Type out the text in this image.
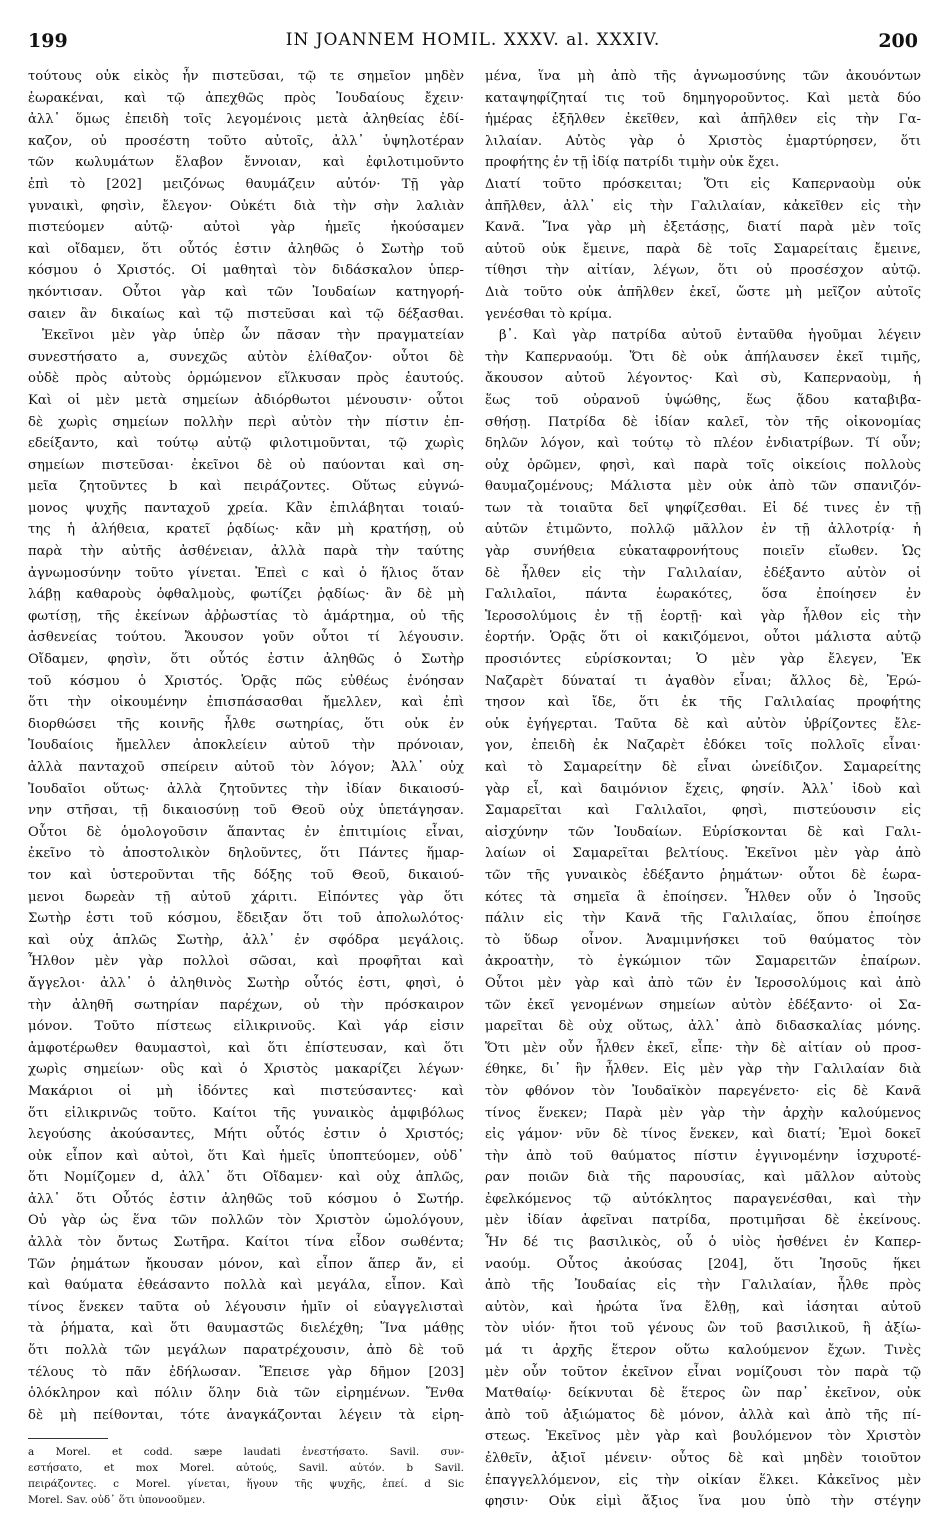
199	IN JOANNEM HOMIL. XXXV. al. XXXIV.	200
τούτους οὐκ εἰκὸς ἦν πιστεῦσαι, τῷ τε σημεῖον μηδὲν
ἑωρακέναι, καὶ τῷ ἀπεχθῶς πρὸς Ἰουδαίους ἔχειν·
ἀλλ᾽ ὅμως ἐπειδὴ τοῖς λεγομένοις μετὰ ἀληθείας ἐδί-
καζον, οὐ προσέστη τοῦτο αὐτοῖς, ἀλλ᾽ ὑψηλοτέραν
τῶν κωλυμάτων ἔλαβον ἔννοιαν, καὶ ἐφιλοτιμοῦντο
ἐπὶ τὸ [202] μειζόνως θαυμάζειν αὐτόν· Τῇ γὰρ
γυναικὶ, φησὶν, ἔλεγον· Οὐκέτι διὰ τὴν σὴν λαλιὰν
πιστεύομεν αὐτῷ· αὐτοὶ γὰρ ἡμεῖς ἠκούσαμεν
καὶ οἴδαμεν, ὅτι οὗτός ἐστιν ἀληθῶς ὁ Σωτὴρ τοῦ
κόσμου ὁ Χριστός. Οἱ μαθηταὶ τὸν διδάσκαλον ὑπερ-
ηκόντισαν. Οὗτοι γὰρ καὶ τῶν Ἰουδαίων κατηγορή-
σαιεν ἂν δικαίως καὶ τῷ πιστεῦσαι καὶ τῷ δέξασθαι.
Ἐκεῖνοι μὲν γὰρ ὑπὲρ ὧν πᾶσαν τὴν πραγματείαν
συνεστήσατο a, συνεχῶς αὐτὸν ἐλίθαζον· οὗτοι δὲ
οὐδὲ πρὸς αὐτοὺς ὁρμώμενον εἵλκυσαν πρὸς ἑαυτούς.
Καὶ οἱ μὲν μετὰ σημείων ἀδιόρθωτοι μένουσιν· οὗτοι
δὲ χωρὶς σημείων πολλὴν περὶ αὐτὸν τὴν πίστιν ἐπ-
εδείξαντο, καὶ τούτῳ αὐτῷ φιλοτιμοῦνται, τῷ χωρὶς
σημείων πιστεῦσαι· ἐκεῖνοι δὲ οὐ παύονται καὶ ση-
μεῖα ζητοῦντες b καὶ πειράζοντες. Οὕτως εὐγνώ-
μονος ψυχῆς πανταχοῦ χρεία. Κἂν ἐπιλάβηται τοιαύ-
της ἡ ἀλήθεια, κρατεῖ ῥᾳδίως· κἂν μὴ κρατήσῃ, οὐ
παρὰ τὴν αὐτῆς ἀσθένειαν, ἀλλὰ παρὰ τὴν ταύτης
ἀγνωμοσύνην τοῦτο γίνεται. Ἐπεὶ c καὶ ὁ ἥλιος ὅταν
λάβῃ καθαροὺς ὀφθαλμοὺς, φωτίζει ῥᾳδίως· ἂν δὲ μὴ
φωτίσῃ, τῆς ἐκείνων ἀῤῥωστίας τὸ ἁμάρτημα, οὐ τῆς
ἀσθενείας τούτου. Ἄκουσον γοῦν οὗτοι τί λέγουσιν.
Οἴδαμεν, φησὶν, ὅτι οὗτός ἐστιν ἀληθῶς ὁ Σωτὴρ
τοῦ κόσμου ὁ Χριστός. Ὁρᾷς πῶς εὐθέως ἐνόησαν
ὅτι τὴν οἰκουμένην ἐπισπάσασθαι ἤμελλεν, καὶ ἐπὶ
διορθώσει τῆς κοινῆς ἦλθε σωτηρίας, ὅτι οὐκ ἐν
Ἰουδαίοις ἤμελλεν ἀποκλείειν αὐτοῦ τὴν πρόνοιαν,
ἀλλὰ πανταχοῦ σπείρειν αὐτοῦ τὸν λόγον; Ἀλλ᾽ οὐχ
Ἰουδαῖοι οὕτως· ἀλλὰ ζητοῦντες τὴν ἰδίαν δικαιοσύ-
νην στῆσαι, τῇ δικαιοσύνῃ τοῦ Θεοῦ οὐχ ὑπετάγησαν.
Οὗτοι δὲ ὁμολογοῦσιν ἅπαντας ἐν ἐπιτιμίοις εἶναι,
ἐκεῖνο τὸ ἀποστολικὸν δηλοῦντες, ὅτι Πάντες ἥμαρ-
τον καὶ ὑστεροῦνται τῆς δόξης τοῦ Θεοῦ, δικαιού-
μενοι δωρεὰν τῇ αὐτοῦ χάριτι. Εἰπόντες γὰρ ὅτι
Σωτὴρ ἐστι τοῦ κόσμου, ἔδειξαν ὅτι τοῦ ἀπολωλότος·
καὶ οὐχ ἁπλῶς Σωτὴρ, ἀλλ᾽ ἐν σφόδρα μεγάλοις.
Ἦλθον μὲν γὰρ πολλοὶ σῶσαι, καὶ προφῆται καὶ
ἄγγελοι· ἀλλ᾽ ὁ ἀληθινὸς Σωτὴρ οὗτός ἐστι, φησὶ, ὁ
τὴν ἀληθῆ σωτηρίαν παρέχων, οὐ τὴν πρόσκαιρον
μόνον. Τοῦτο πίστεως εἰλικρινοῦς. Καὶ γάρ εἰσιν
ἀμφοτέρωθεν θαυμαστοὶ, καὶ ὅτι ἐπίστευσαν, καὶ ὅτι
χωρὶς σημείων· οὓς καὶ ὁ Χριστὸς μακαρίζει λέγων·
Μακάριοι οἱ μὴ ἰδόντες καὶ πιστεύσαντες· καὶ
ὅτι εἰλικρινῶς τοῦτο. Καίτοι τῆς γυναικὸς ἀμφιβόλως
λεγούσης ἀκούσαντες, Μήτι οὗτός ἐστιν ὁ Χριστός;
οὐκ εἶπον καὶ αὐτοὶ, ὅτι Καὶ ἡμεῖς ὑποπτεύομεν, οὐδ᾽
ὅτι Νομίζομεν d, ἀλλ᾽ ὅτι Οἴδαμεν· καὶ οὐχ ἁπλῶς,
ἀλλ᾽ ὅτι Οὗτός ἐστιν ἀληθῶς τοῦ κόσμου ὁ Σωτήρ.
Οὐ γὰρ ὡς ἕνα τῶν πολλῶν τὸν Χριστὸν ὡμολόγουν,
ἀλλὰ τὸν ὄντως Σωτῆρα. Καίτοι τίνα εἶδον σωθέντα;
Τῶν ῥημάτων ἤκουσαν μόνον, καὶ εἶπον ἅπερ ἄν, εἰ
καὶ θαύματα ἐθεάσαντο πολλὰ καὶ μεγάλα, εἶπον. Καὶ
τίνος ἕνεκεν ταῦτα οὐ λέγουσιν ἡμῖν οἱ εὐαγγελισταὶ
τὰ ῥήματα, καὶ ὅτι θαυμαστῶς διελέχθη; Ἵνα μάθῃς
ὅτι πολλὰ τῶν μεγάλων παρατρέχουσιν, ἀπὸ δὲ τοῦ
τέλους τὸ πᾶν ἐδήλωσαν. Ἔπεισε γὰρ δῆμον [203]
ὁλόκληρον καὶ πόλιν ὅλην διὰ τῶν εἰρημένων. Ἔνθα
δὲ μὴ πείθονται, τότε ἀναγκάζονται λέγειν τὰ εἰρη-
μένα, ἵνα μὴ ἀπὸ τῆς ἀγνωμοσύνης τῶν ἀκουόντων
καταψηφίζηταί τις τοῦ δημηγοροῦντος. Καὶ μετὰ δύο
ἡμέρας ἐξῆλθεν ἐκεῖθεν, καὶ ἀπῆλθεν εἰς τὴν Γα-
λιλαίαν. Αὐτὸς γὰρ ὁ Χριστὸς ἐμαρτύρησεν, ὅτι
προφήτης ἐν τῇ ἰδίᾳ πατρίδι τιμὴν οὐκ ἔχει.
Διατί τοῦτο πρόσκειται; Ὅτι εἰς Καπερναοὺμ οὐκ
ἀπῆλθεν, ἀλλ᾽ εἰς τὴν Γαλιλαίαν, κἀκεῖθεν εἰς τὴν
Κανᾶ. Ἵνα γὰρ μὴ ἐξετάσῃς, διατί παρὰ μὲν τοῖς
αὐτοῦ οὐκ ἔμεινε, παρὰ δὲ τοῖς Σαμαρείταις ἔμεινε,
τίθησι τὴν αἰτίαν, λέγων, ὅτι οὐ προσέσχον αὐτῷ.
Διὰ τοῦτο οὐκ ἀπῆλθεν ἐκεῖ, ὥστε μὴ μεῖζον αὐτοῖς
γενέσθαι τὸ κρίμα.
β᾽. Καὶ γὰρ πατρίδα αὐτοῦ ἐνταῦθα ἡγοῦμαι λέγειν
τὴν Καπερναούμ. Ὅτι δὲ οὐκ ἀπήλαυσεν ἐκεῖ τιμῆς,
ἄκουσον αὐτοῦ λέγοντος· Καὶ σὺ, Καπερναοὺμ, ἡ
ἕως τοῦ οὐρανοῦ ὑψώθης, ἕως ᾅδου καταβιβα-
σθήσῃ. Πατρίδα δὲ ἰδίαν καλεῖ, τὸν τῆς οἰκονομίας
δηλῶν λόγον, καὶ τούτῳ τὸ πλέον ἐνδιατρίβων. Τί οὖν;
οὐχ ὁρῶμεν, φησὶ, καὶ παρὰ τοῖς οἰκείοις πολλοὺς
θαυμαζομένους; Μάλιστα μὲν οὐκ ἀπὸ τῶν σπανιζόν-
των τὰ τοιαῦτα δεῖ ψηφίζεσθαι. Εἰ δέ τινες ἐν τῇ
αὐτῶν ἐτιμῶντο, πολλῷ μᾶλλον ἐν τῇ ἀλλοτρίᾳ· ἡ
γὰρ συνήθεια εὐκαταφρονήτους ποιεῖν εἴωθεν. Ὡς
δὲ ἦλθεν εἰς τὴν Γαλιλαίαν, ἐδέξαντο αὐτὸν οἱ
Γαλιλαῖοι, πάντα ἑωρακότες, ὅσα ἐποίησεν ἐν
Ἱεροσολύμοις ἐν τῇ ἑορτῇ· καὶ γὰρ ἦλθον εἰς τὴν
ἑορτήν. Ὁρᾷς ὅτι οἱ κακιζόμενοι, οὗτοι μάλιστα αὐτῷ
προσιόντες εὑρίσκονται; Ὁ μὲν γὰρ ἔλεγεν, Ἐκ
Ναζαρὲτ δύναταί τι ἀγαθὸν εἶναι; ἄλλος δὲ, Ἐρώ-
τησον καὶ ἴδε, ὅτι ἐκ τῆς Γαλιλαίας προφήτης
οὐκ ἐγήγερται. Ταῦτα δὲ καὶ αὐτὸν ὑβρίζοντες ἔλε-
γον, ἐπειδὴ ἐκ Ναζαρὲτ ἐδόκει τοῖς πολλοῖς εἶναι·
καὶ τὸ Σαμαρείτην δὲ εἶναι ὠνείδιζον. Σαμαρείτης
γὰρ εἶ, καὶ δαιμόνιον ἔχεις, φησίν. Ἀλλ᾽ ἰδοὺ καὶ
Σαμαρεῖται καὶ Γαλιλαῖοι, φησὶ, πιστεύουσιν εἰς
αἰσχύνην τῶν Ἰουδαίων. Εὑρίσκονται δὲ καὶ Γαλι-
λαίων οἱ Σαμαρεῖται βελτίους. Ἐκεῖνοι μὲν γὰρ ἀπὸ
τῶν τῆς γυναικὸς ἐδέξαντο ῥημάτων· οὗτοι δὲ ἑωρα-
κότες τὰ σημεῖα ἃ ἐποίησεν. Ἦλθεν οὖν ὁ Ἰησοῦς
πάλιν εἰς τὴν Κανᾶ τῆς Γαλιλαίας, ὅπου ἐποίησε
τὸ ὕδωρ οἶνον. Ἀναμιμνήσκει τοῦ θαύματος τὸν
ἀκροατὴν, τὸ ἐγκώμιον τῶν Σαμαρειτῶν ἐπαίρων.
Οὗτοι μὲν γὰρ καὶ ἀπὸ τῶν ἐν Ἱεροσολύμοις καὶ ἀπὸ
τῶν ἐκεῖ γενομένων σημείων αὐτὸν ἐδέξαντο· οἱ Σα-
μαρεῖται δὲ οὐχ οὕτως, ἀλλ᾽ ἀπὸ διδασκαλίας μόνης.
Ὅτι μὲν οὖν ἦλθεν ἐκεῖ, εἶπε· τὴν δὲ αἰτίαν οὐ προσ-
έθηκε, δι᾽ ἣν ἦλθεν. Εἰς μὲν γὰρ τὴν Γαλιλαίαν διὰ
τὸν φθόνον τὸν Ἰουδαϊκὸν παρεγένετο· εἰς δὲ Κανᾶ
τίνος ἕνεκεν; Παρὰ μὲν γὰρ τὴν ἀρχὴν καλούμενος
εἰς γάμον· νῦν δὲ τίνος ἕνεκεν, καὶ διατί; Ἐμοὶ δοκεῖ
τὴν ἀπὸ τοῦ θαύματος πίστιν ἐγγινομένην ἰσχυροτέ-
ραν ποιῶν διὰ τῆς παρουσίας, καὶ μᾶλλον αὐτοὺς
ἐφελκόμενος τῷ αὐτόκλητος παραγενέσθαι, καὶ τὴν
μὲν ἰδίαν ἀφεῖναι πατρίδα, προτιμῆσαι δὲ ἐκείνους.
Ἦν δέ τις βασιλικὸς, οὗ ὁ υἱὸς ἠσθένει ἐν Καπερ-
ναούμ. Οὗτος ἀκούσας [204], ὅτι Ἰησοῦς ἥκει
ἀπὸ τῆς Ἰουδαίας εἰς τὴν Γαλιλαίαν, ἦλθε πρὸς
αὐτὸν, καὶ ἠρώτα ἵνα ἔλθῃ, καὶ ἰάσηται αὐτοῦ
τὸν υἱόν· ἤτοι τοῦ γένους ὢν τοῦ βασιλικοῦ, ἢ ἀξίω-
μά τι ἀρχῆς ἕτερον οὕτω καλούμενον ἔχων. Τινὲς
μὲν οὖν τοῦτον ἐκεῖνον εἶναι νομίζουσι τὸν παρὰ τῷ
Ματθαίῳ· δείκνυται δὲ ἕτερος ὢν παρ᾽ ἐκεῖνον, οὐκ
ἀπὸ τοῦ ἀξιώματος δὲ μόνον, ἀλλὰ καὶ ἀπὸ τῆς πί-
στεως. Ἐκεῖνος μὲν γὰρ καὶ βουλόμενον τὸν Χριστὸν
ἐλθεῖν, ἀξιοῖ μένειν· οὗτος δὲ καὶ μηδὲν τοιοῦτον
ἐπαγγελλόμενον, εἰς τὴν οἰκίαν ἕλκει. Κἀκεῖνος μὲν
φησιν· Οὐκ εἰμὶ ἄξιος ἵνα μου ὑπὸ τὴν στέγην
a Morel. et codd. sæpe laudati ἐνεστήσατο. Savil. συν-
εστήσατο, et mox Morel. αὐτούς, Savil. αὐτόν. b Savil.
πειράζοντες. c Morel. γίνεται, ἥγουν τῆς ψυχῆς, ἐπεί. d Sic
Morel. Sav. οὐδ᾽ ὅτι ὑπονοοῦμεν.
